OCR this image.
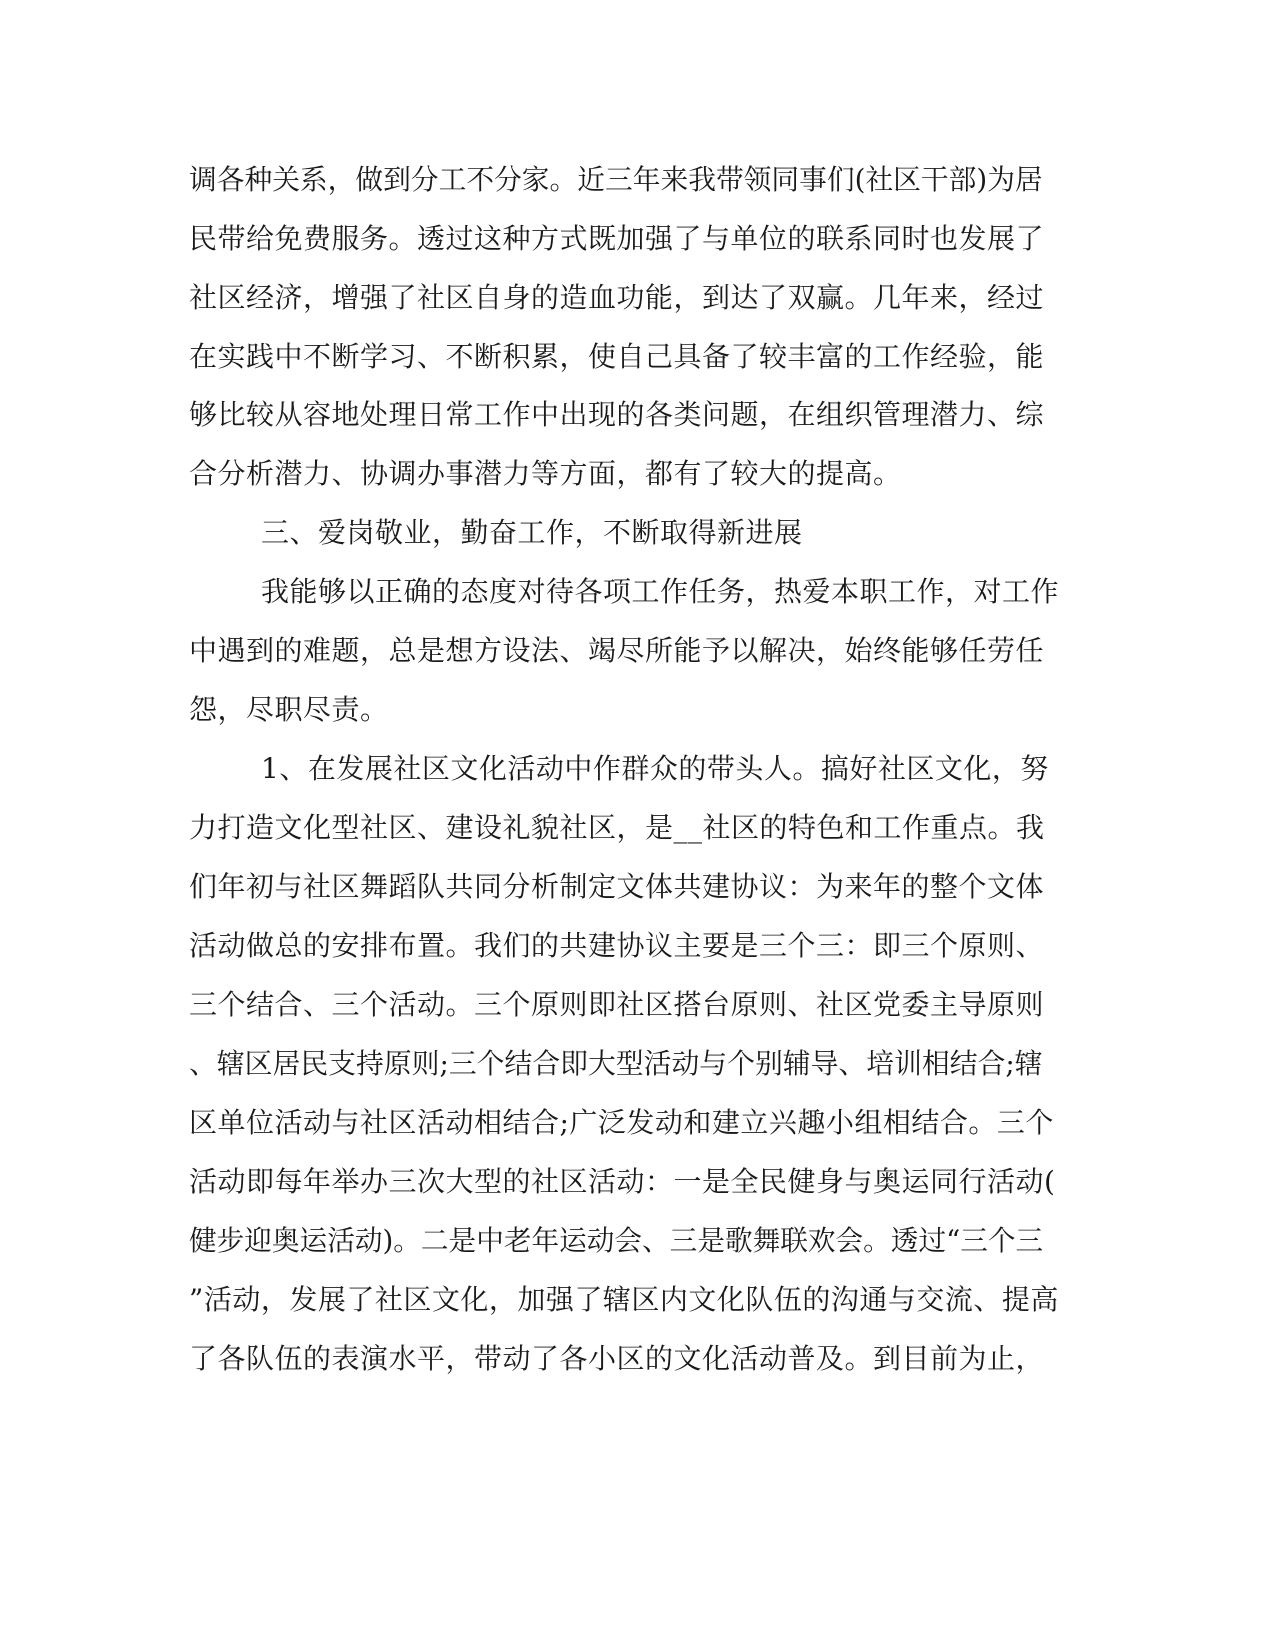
调各种关系，做到分工不分家。近三年来我带领同事们(社区干部)为居
民带给免费服务。透过这种方式既加强了与单位的联系同时也发展了
社区经济，增强了社区自身的造血功能，到达了双赢。几年来，经过
在实践中不断学习、不断积累，使自己具备了较丰富的工作经验，能
够比较从容地处理日常工作中出现的各类问题，在组织管理潜力、综
合分析潜力、协调办事潜力等方面，都有了较大的提高。
三、爱岗敬业，勤奋工作，不断取得新进展
我能够以正确的态度对待各项工作任务，热爱本职工作，对工作
中遇到的难题，总是想方设法、竭尽所能予以解决，始终能够任劳任
怨，尽职尽责。
1、在发展社区文化活动中作群众的带头人。搞好社区文化，努
力打造文化型社区、建设礼貌社区，是__社区的特色和工作重点。我
们年初与社区舞蹈队共同分析制定文体共建协议：为来年的整个文体
活动做总的安排布置。我们的共建协议主要是三个三：即三个原则、
三个结合、三个活动。三个原则即社区搭台原则、社区党委主导原则
、辖区居民支持原则;三个结合即大型活动与个别辅导、培训相结合;辖
区单位活动与社区活动相结合;广泛发动和建立兴趣小组相结合。三个
活动即每年举办三次大型的社区活动：一是全民健身与奥运同行活动(
健步迎奥运活动)。二是中老年运动会、三是歌舞联欢会。透过“三个三
”活动，发展了社区文化，加强了辖区内文化队伍的沟通与交流、提高
了各队伍的表演水平，带动了各小区的文化活动普及。到目前为止，
